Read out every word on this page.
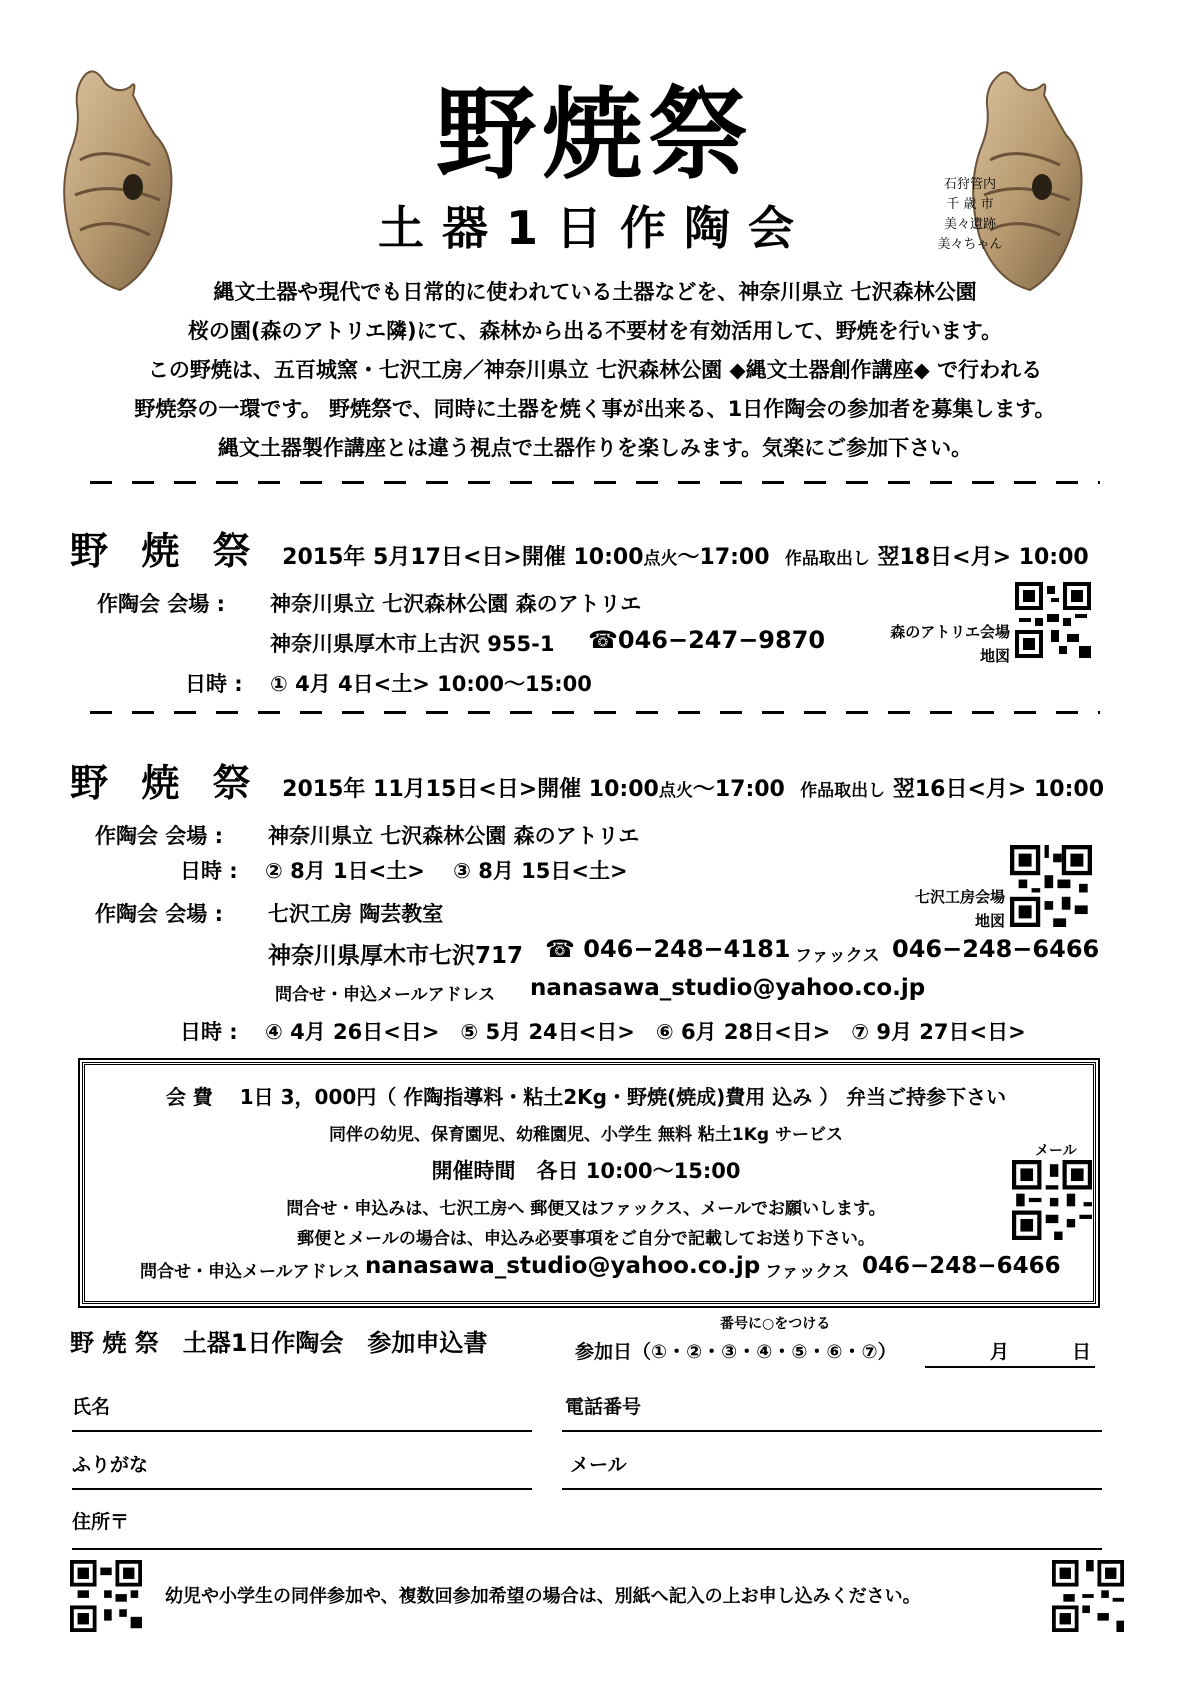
石狩管内
千 歳 市
美々遺跡
美々ちゃん
野焼祭
土器1日作陶会
縄文土器や現代でも日常的に使われている土器などを、神奈川県立 七沢森林公園
桜の園(森のアトリエ隣)にて、森林から出る不要材を有効活用して、野焼を行います。
この野焼は、五百城窯・七沢工房／神奈川県立 七沢森林公園 ◆縄文土器創作講座◆ で行われる
野焼祭の一環です。 野焼祭で、同時に土器を焼く事が出来る、1日作陶会の参加者を募集します。
縄文土器製作講座とは違う視点で土器作りを楽しみます。気楽にご参加下さい。
野 焼 祭 2015年 5月17日<日>開催 10:00点火〜17:00 作品取出し 翌18日<月> 10:00
作陶会 会場 : 神奈川県立 七沢森林公園 森のアトリエ
神奈川県厚木市上古沢 955-1 ☎046−247−9870
日時 : ① 4月 4日<土> 10:00〜15:00
森のアトリエ会場
地図
野 焼 祭 2015年 11月15日<日>開催 10:00点火〜17:00 作品取出し 翌16日<月> 10:00
作陶会 会場 : 神奈川県立 七沢森林公園 森のアトリエ
日時 : ② 8月 1日<土>　 ③ 8月 15日<土>
作陶会 会場 : 七沢工房 陶芸教室
神奈川県厚木市七沢717 ☎ 046−248−4181 ファックス 046−248−6466
問合せ・申込メールアドレス nanasawa_studio@yahoo.co.jp
日時 : ④ 4月 26日<日>　⑤ 5月 24日<日>　⑥ 6月 28日<日>　⑦ 9月 27日<日>
七沢工房会場
地図
会 費　 1日 3，000円（ 作陶指導料・粘土2Kg・野焼(焼成)費用 込み ） 弁当ご持参下さい
同伴の幼児、保育園児、幼稚園児、小学生 無料 粘土1Kg サービス
開催時間　各日 10:00〜15:00
問合せ・申込みは、七沢工房へ 郵便又はファックス、メールでお願いします。
郵便とメールの場合は、申込み必要事項をご自分で記載してお送り下さい。
問合せ・申込メールアドレス nanasawa_studio@yahoo.co.jp ファックス 046−248−6466
メール
野 焼 祭　土器1日作陶会　参加申込書
番号に○をつける
参加日（①・②・③・④・⑤・⑥・⑦）	月	日
氏名	電話番号
ふりがな	メール
住所〒
幼児や小学生の同伴参加や、複数回参加希望の場合は、別紙へ記入の上お申し込みください。
